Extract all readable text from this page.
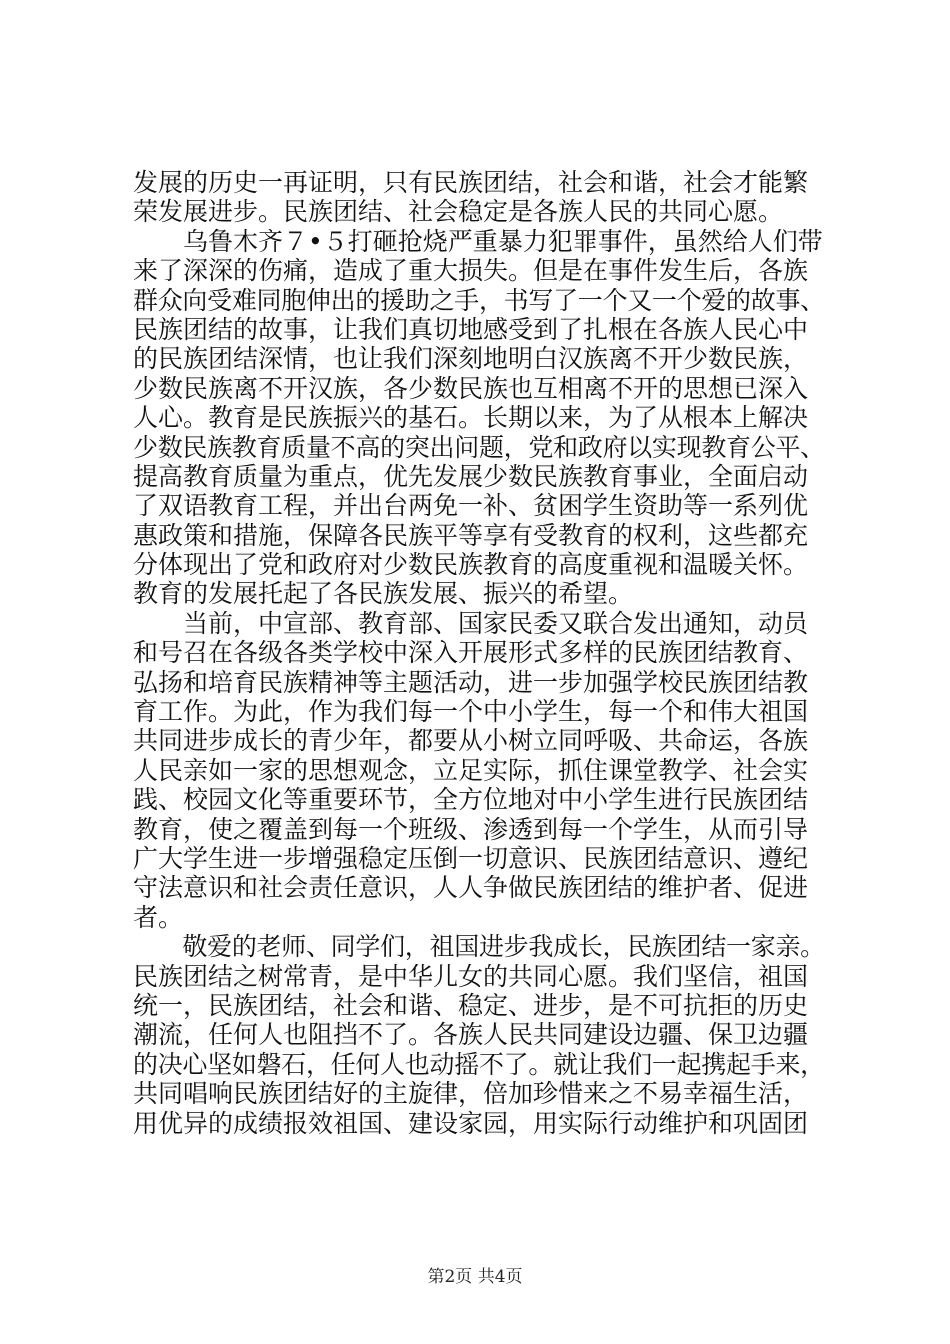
发展的历史一再证明，只有民族团结，社会和谐，社会才能繁
荣发展进步。民族团结、社会稳定是各族人民的共同心愿。
　　乌鲁木齐７•５打砸抢烧严重暴力犯罪事件，虽然给人们带
来了深深的伤痛，造成了重大损失。但是在事件发生后，各族
群众向受难同胞伸出的援助之手，书写了一个又一个爱的故事、
民族团结的故事，让我们真切地感受到了扎根在各族人民心中
的民族团结深情，也让我们深刻地明白汉族离不开少数民族，
少数民族离不开汉族，各少数民族也互相离不开的思想已深入
人心。教育是民族振兴的基石。长期以来，为了从根本上解决
少数民族教育质量不高的突出问题，党和政府以实现教育公平、
提高教育质量为重点，优先发展少数民族教育事业，全面启动
了双语教育工程，并出台两免一补、贫困学生资助等一系列优
惠政策和措施，保障各民族平等享有受教育的权利，这些都充
分体现出了党和政府对少数民族教育的高度重视和温暖关怀。
教育的发展托起了各民族发展、振兴的希望。
　　当前，中宣部、教育部、国家民委又联合发出通知，动员
和号召在各级各类学校中深入开展形式多样的民族团结教育、
弘扬和培育民族精神等主题活动，进一步加强学校民族团结教
育工作。为此，作为我们每一个中小学生，每一个和伟大祖国
共同进步成长的青少年，都要从小树立同呼吸、共命运，各族
人民亲如一家的思想观念，立足实际，抓住课堂教学、社会实
践、校园文化等重要环节，全方位地对中小学生进行民族团结
教育，使之覆盖到每一个班级、渗透到每一个学生，从而引导
广大学生进一步增强稳定压倒一切意识、民族团结意识、遵纪
守法意识和社会责任意识，人人争做民族团结的维护者、促进
者。
　　敬爱的老师、同学们，祖国进步我成长，民族团结一家亲。
民族团结之树常青，是中华儿女的共同心愿。我们坚信，祖国
统一，民族团结，社会和谐、稳定、进步，是不可抗拒的历史
潮流，任何人也阻挡不了。各族人民共同建设边疆、保卫边疆
的决心坚如磐石，任何人也动摇不了。就让我们一起携起手来，
共同唱响民族团结好的主旋律，倍加珍惜来之不易幸福生活，
用优异的成绩报效祖国、建设家园，用实际行动维护和巩固团
第2页 共4页
